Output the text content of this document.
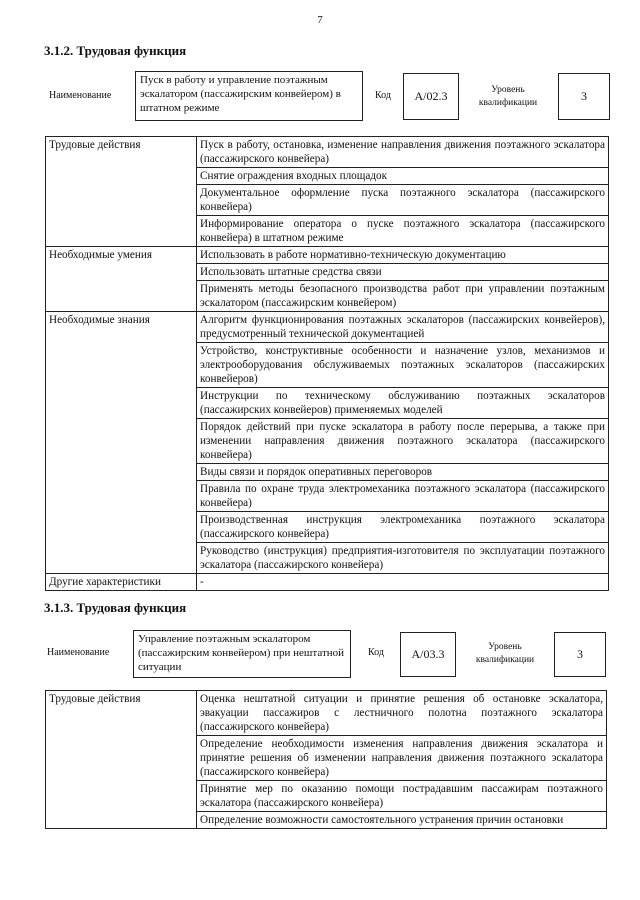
7
3.1.2. Трудовая функция
Наименование
Пуск в работу и управление поэтажным эскалатором (пассажирским конвейером) в штатном режиме
Код	A/02.3	Уровень
квалификации
3
Трудовые действия	Пуск в работу, остановка, изменение направления движения поэтажного эскалатора (пассажирского конвейера)
	Снятие ограждения входных площадок
	Документальное оформление пуска поэтажного эскалатора (пассажирского конвейера)
	Информирование оператора о пуске поэтажного эскалатора (пассажирского конвейера) в штатном режиме
Необходимые умения	Использовать в работе нормативно-техническую документацию
	Использовать штатные средства связи
	Применять методы безопасного производства работ при управлении поэтажным эскалатором (пассажирским конвейером)
Необходимые знания	Алгоритм функционирования поэтажных эскалаторов (пассажирских конвейеров), предусмотренный технической документацией
	Устройство, конструктивные особенности и назначение узлов, механизмов и электрооборудования обслуживаемых поэтажных эскалаторов (пассажирских конвейеров)
	Инструкции по техническому обслуживанию поэтажных эскалаторов (пассажирских конвейеров) применяемых моделей
	Порядок действий при пуске эскалатора в работу после перерыва, а также при изменении направления движения поэтажного эскалатора (пассажирского конвейера)
	Виды связи и порядок оперативных переговоров
	Правила по охране труда электромеханика поэтажного эскалатора (пассажирского конвейера)
	Производственная инструкция электромеханика поэтажного эскалатора (пассажирского конвейера)
	Руководство (инструкция) предприятия-изготовителя по эксплуатации поэтажного эскалатора (пассажирского конвейера)
Другие характеристики	-
3.1.3. Трудовая функция
Наименование
Управление поэтажным эскалатором (пассажирским конвейером) при нештатной ситуации
Код	A/03.3	Уровень
квалификации	3
Трудовые действия	Оценка нештатной ситуации и принятие решения об остановке эскалатора, эвакуации пассажиров с лестничного полотна поэтажного эскалатора (пассажирского конвейера)
Определение необходимости изменения направления движения эскалатора и принятие решения об изменении направления движения поэтажного эскалатора (пассажирского конвейера)
Принятие мер по оказанию помощи пострадавшим пассажирам поэтажного эскалатора (пассажирского конвейера)
Определение возможности самостоятельного устранения причин остановки
